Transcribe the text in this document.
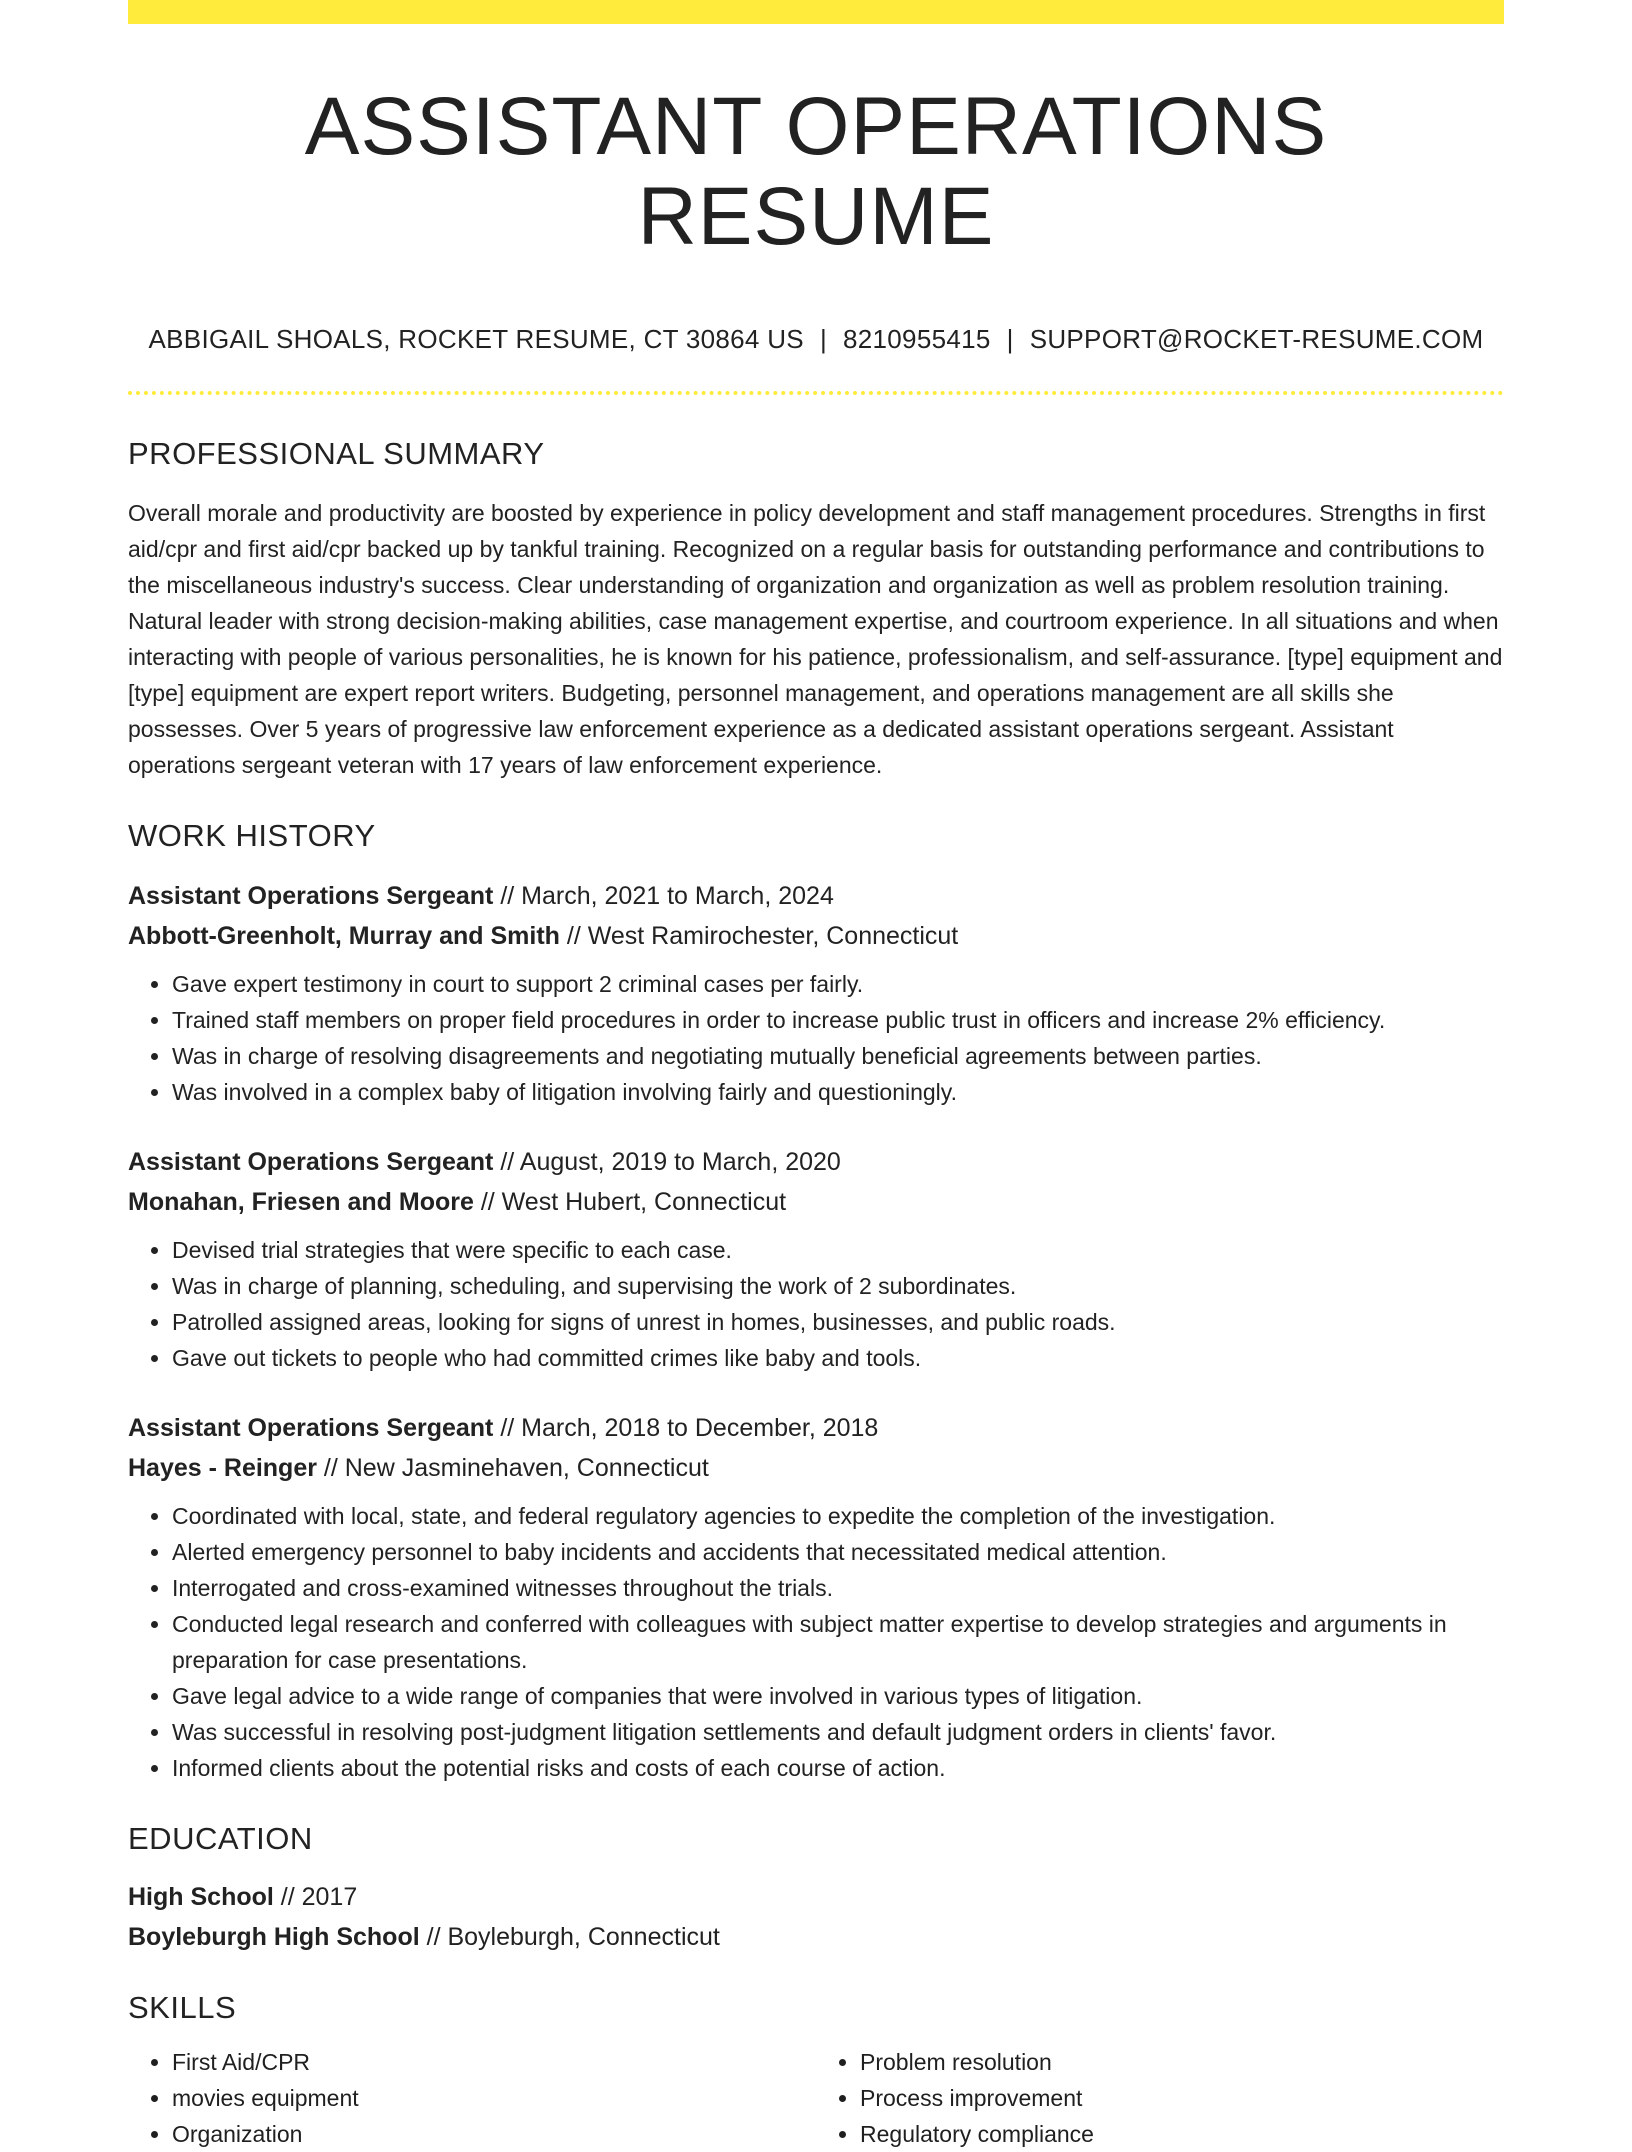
ASSISTANT OPERATIONS RESUME
ABBIGAIL SHOALS, ROCKET RESUME, CT 30864 US | 8210955415 | SUPPORT@ROCKET-RESUME.COM
PROFESSIONAL SUMMARY

Overall morale and productivity are boosted by experience in policy development and staff management procedures. Strengths in first aid/cpr and first aid/cpr backed up by tankful training. Recognized on a regular basis for outstanding performance and contributions to the miscellaneous industry's success. Clear understanding of organization and organization as well as problem resolution training. Natural leader with strong decision-making abilities, case management expertise, and courtroom experience. In all situations and when interacting with people of various personalities, he is known for his patience, professionalism, and self-assurance. [type] equipment and [type] equipment are expert report writers. Budgeting, personnel management, and operations management are all skills she possesses. Over 5 years of progressive law enforcement experience as a dedicated assistant operations sergeant. Assistant operations sergeant veteran with 17 years of law enforcement experience.

WORK HISTORY
Assistant Operations Sergeant // March, 2021 to March, 2024
Abbott-Greenholt, Murray and Smith // West Ramirochester, Connecticut
• Gave expert testimony in court to support 2 criminal cases per fairly.
• Trained staff members on proper field procedures in order to increase public trust in officers and increase 2% efficiency.
• Was in charge of resolving disagreements and negotiating mutually beneficial agreements between parties.
• Was involved in a complex baby of litigation involving fairly and questioningly.
Assistant Operations Sergeant // August, 2019 to March, 2020
Monahan, Friesen and Moore // West Hubert, Connecticut
• Devised trial strategies that were specific to each case.
• Was in charge of planning, scheduling, and supervising the work of 2 subordinates.
• Patrolled assigned areas, looking for signs of unrest in homes, businesses, and public roads.
• Gave out tickets to people who had committed crimes like baby and tools.
Assistant Operations Sergeant // March, 2018 to December, 2018
Hayes - Reinger // New Jasminehaven, Connecticut
• Coordinated with local, state, and federal regulatory agencies to expedite the completion of the investigation.
• Alerted emergency personnel to baby incidents and accidents that necessitated medical attention.
• Interrogated and cross-examined witnesses throughout the trials.
• Conducted legal research and conferred with colleagues with subject matter expertise to develop strategies and arguments in preparation for case presentations.
• Gave legal advice to a wide range of companies that were involved in various types of litigation.
• Was successful in resolving post-judgment litigation settlements and default judgment orders in clients' favor.
• Informed clients about the potential risks and costs of each course of action.
EDUCATION
High School // 2017
Boyleburgh High School // Boyleburgh, Connecticut
SKILLS
• First Aid/CPR
• movies equipment
• Organization
• Problem resolution
• Process improvement
• Regulatory compliance
